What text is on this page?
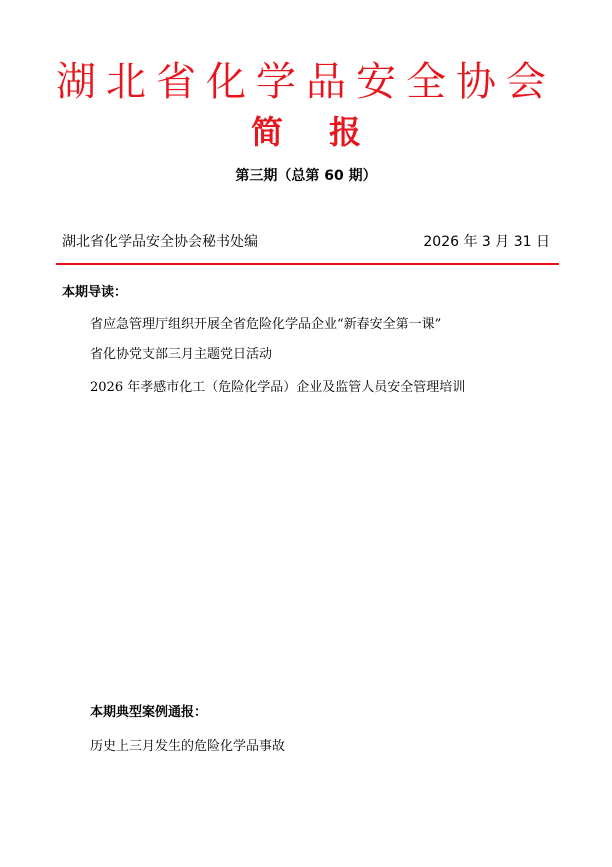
湖北省化学品安全协会
简报
第三期（总第 60 期）
湖北省化学品安全协会秘书处编	2026 年 3 月 31 日
本期导读：
省应急管理厅组织开展全省危险化学品企业“新春安全第一课”
省化协党支部三月主题党日活动
2026 年孝感市化工（危险化学品）企业及监管人员安全管理培训
本期典型案例通报：
历史上三月发生的危险化学品事故
